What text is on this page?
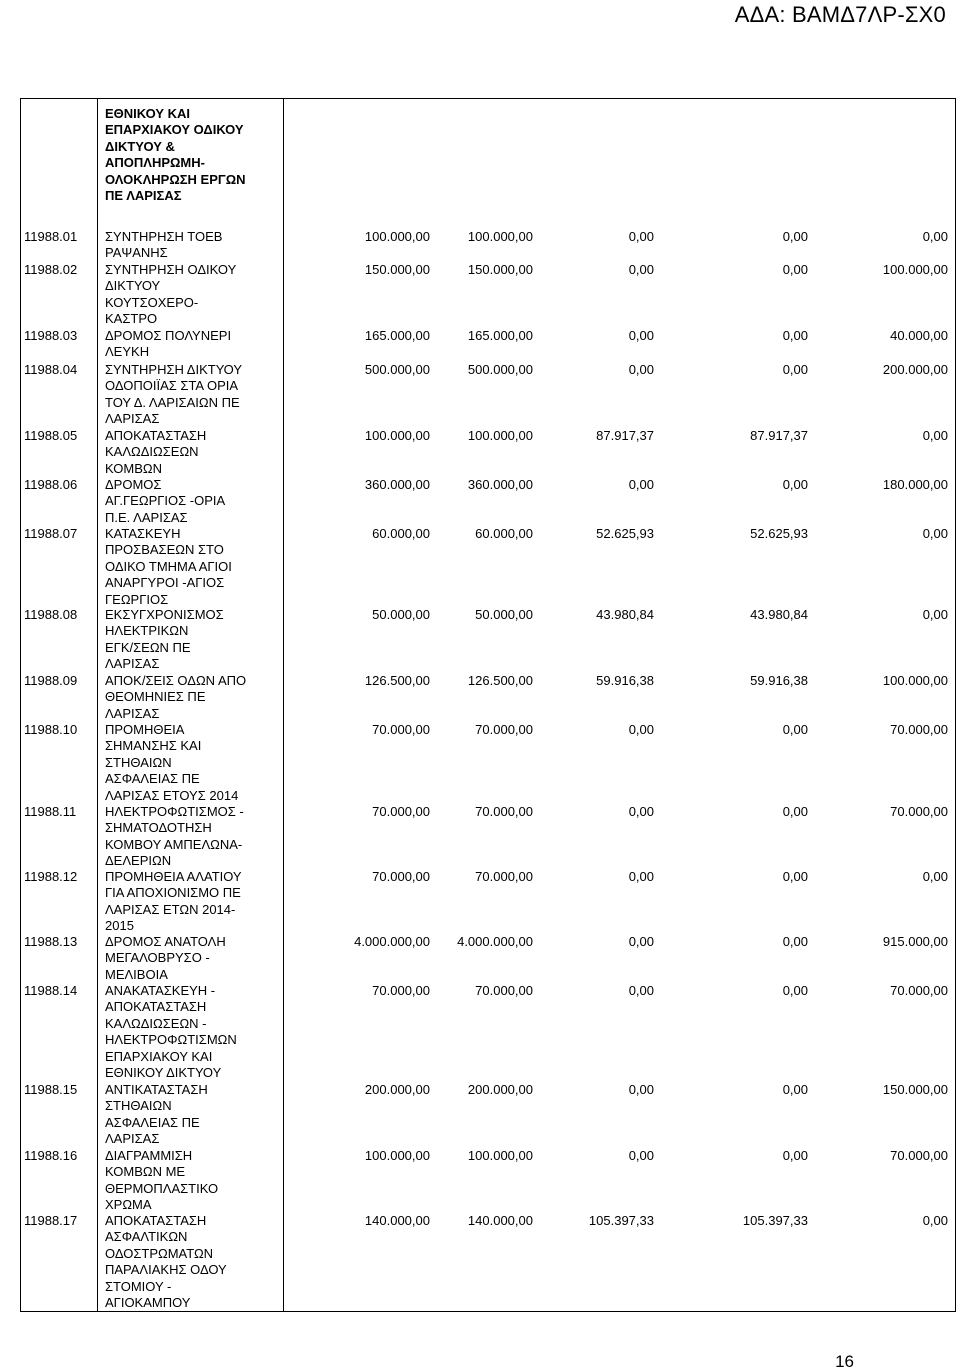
ΑΔΑ: ΒΑΜΔ7ΛΡ-ΣΧ0
ΕΘΝΙΚΟΥ ΚΑΙ
ΕΠΑΡΧΙΑΚΟΥ ΟΔΙΚΟΥ
ΔΙΚΤΥΟΥ &
ΑΠΟΠΛΗΡΩΜΗ-
ΟΛΟΚΛΗΡΩΣΗ ΕΡΓΩΝ
ΠΕ ΛΑΡΙΣΑΣ
11988.01 ΣΥΝΤΗΡΗΣΗ ΤΟΕΒ
ΡΑΨΑΝΗΣ
100.000,00	100.000,00	0,00	0,00	0,00
11988.02 ΣΥΝΤΗΡΗΣΗ ΟΔΙΚΟΥ
ΔΙΚΤΥΟΥ
ΚΟΥΤΣΟΧΕΡΟ-
ΚΑΣΤΡΟ
150.000,00	150.000,00	0,00	0,00	100.000,00
11988.03 ΔΡΟΜΟΣ ΠΟΛΥΝΕΡΙ
ΛΕΥΚΗ
165.000,00	165.000,00	0,00	0,00	40.000,00
11988.04 ΣΥΝΤΗΡΗΣΗ ΔΙΚΤΥΟΥ
ΟΔΟΠΟΙΪΑΣ ΣΤΑ ΟΡΙΑ
ΤΟΥ Δ. ΛΑΡΙΣΑΙΩΝ ΠΕ
ΛΑΡΙΣΑΣ
500.000,00	500.000,00	0,00	0,00	200.000,00
11988.05 ΑΠΟΚΑΤΑΣΤΑΣΗ
ΚΑΛΩΔΙΩΣΕΩΝ
ΚΟΜΒΩΝ
100.000,00	100.000,00	87.917,37	87.917,37	0,00
11988.06 ΔΡΟΜΟΣ
ΑΓ.ΓΕΩΡΓΙΟΣ -ΟΡΙΑ
Π.Ε. ΛΑΡΙΣΑΣ
360.000,00	360.000,00	0,00	0,00	180.000,00
11988.07 ΚΑΤΑΣΚΕΥΗ
ΠΡΟΣΒΑΣΕΩΝ ΣΤΟ
ΟΔΙΚΟ ΤΜΗΜΑ ΑΓΙΟΙ
ΑΝΑΡΓΥΡΟΙ -ΑΓΙΟΣ
ΓΕΩΡΓΙΟΣ
60.000,00	60.000,00	52.625,93	52.625,93	0,00
11988.08 ΕΚΣΥΓΧΡΟΝΙΣΜΟΣ
ΗΛΕΚΤΡΙΚΩΝ
ΕΓΚ/ΣΕΩΝ ΠΕ
ΛΑΡΙΣΑΣ
50.000,00	50.000,00	43.980,84	43.980,84	0,00
11988.09 ΑΠΟΚ/ΣΕΙΣ ΟΔΩΝ ΑΠΟ
ΘΕΟΜΗΝΙΕΣ ΠΕ
ΛΑΡΙΣΑΣ
126.500,00	126.500,00	59.916,38	59.916,38	100.000,00
11988.10 ΠΡΟΜΗΘΕΙΑ
ΣΗΜΑΝΣΗΣ ΚΑΙ
ΣΤΗΘΑΙΩΝ
ΑΣΦΑΛΕΙΑΣ ΠΕ
ΛΑΡΙΣΑΣ ΕΤΟΥΣ 2014
70.000,00	70.000,00	0,00	0,00	70.000,00
11988.11 ΗΛΕΚΤΡΟΦΩΤΙΣΜΟΣ -
ΣΗΜΑΤΟΔΟΤΗΣΗ
ΚΟΜΒΟΥ ΑΜΠΕΛΩΝΑ-
ΔΕΛΕΡΙΩΝ
70.000,00	70.000,00	0,00	0,00	70.000,00
11988.12 ΠΡΟΜΗΘΕΙΑ ΑΛΑΤΙΟΥ
ΓΙΑ ΑΠΟΧΙΟΝΙΣΜΟ ΠΕ
ΛΑΡΙΣΑΣ ΕΤΩΝ 2014-
2015
70.000,00	70.000,00	0,00	0,00	0,00
11988.13 ΔΡΟΜΟΣ ΑΝΑΤΟΛΗ
ΜΕΓΑΛΟΒΡΥΣΟ -
ΜΕΛΙΒΟΙΑ
4.000.000,00 4.000.000,00	0,00	0,00	915.000,00
11988.14 ΑΝΑΚΑΤΑΣΚΕΥΗ -
ΑΠΟΚΑΤΑΣΤΑΣΗ
ΚΑΛΩΔΙΩΣΕΩΝ -
ΗΛΕΚΤΡΟΦΩΤΙΣΜΩΝ
ΕΠΑΡΧΙΑΚΟΥ ΚΑΙ
ΕΘΝΙΚΟΥ ΔΙΚΤΥΟΥ
70.000,00	70.000,00	0,00	0,00	70.000,00
11988.15 ΑΝΤΙΚΑΤΑΣΤΑΣΗ
ΣΤΗΘΑΙΩΝ
ΑΣΦΑΛΕΙΑΣ ΠΕ
ΛΑΡΙΣΑΣ
200.000,00	200.000,00	0,00	0,00	150.000,00
11988.16 ΔΙΑΓΡΑΜΜΙΣΗ
ΚΟΜΒΩΝ ΜΕ
ΘΕΡΜΟΠΛΑΣΤΙΚΟ
ΧΡΩΜΑ
100.000,00	100.000,00	0,00	0,00	70.000,00
11988.17 ΑΠΟΚΑΤΑΣΤΑΣΗ
ΑΣΦΑΛΤΙΚΩΝ
ΟΔΟΣΤΡΩΜΑΤΩΝ
ΠΑΡΑΛΙΑΚΗΣ ΟΔΟΥ
ΣΤΟΜΙΟΥ -
ΑΓΙΟΚΑΜΠΟΥ
140.000,00	140.000,00	105.397,33	105.397,33	0,00
16
